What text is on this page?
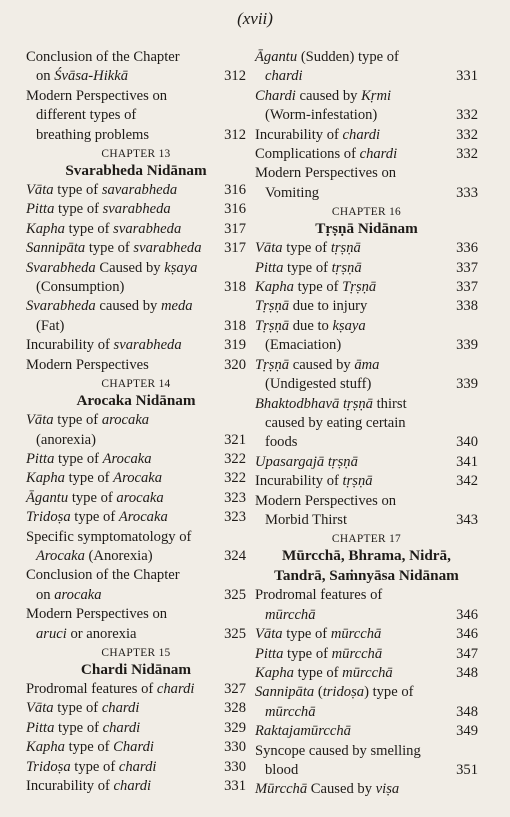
(xvii)
Conclusion of the Chapter
on Śvāsa-Hikkā	312
Modern Perspectives on
different types of
breathing problems	312
CHAPTER 13
Svarabheda Nidānam
Vāta type of savarabheda	316
Pitta type of svarabheda	316
Kapha type of svarabheda	317
Sannipāta type of svarabheda	317
Svarabheda Caused by kṣaya
(Consumption)	318
Svarabheda caused by meda
(Fat)	318
Incurability of svarabheda	319
Modern Perspectives	320
CHAPTER 14
Arocaka Nidānam
Vāta type of arocaka
(anorexia)	321
Pitta type of Arocaka	322
Kapha type of Arocaka	322
Āgantu type of arocaka	323
Tridoṣa type of Arocaka	323
Specific symptomatology of
Arocaka (Anorexia)	324
Conclusion of the Chapter
on arocaka	325
Modern Perspectives on
aruci or anorexia	325
CHAPTER 15
Chardi Nidānam
Prodromal features of chardi	327
Vāta type of chardi	328
Pitta type of chardi	329
Kapha type of Chardi	330
Tridoṣa type of chardi	330
Incurability of chardi	331
Āgantu (Sudden) type of
chardi	331
Chardi caused by Kṛmi
(Worm-infestation)	332
Incurability of chardi	332
Complications of chardi	332
Modern Perspectives on
Vomiting	333
CHAPTER 16
Tṛṣṇā Nidānam
Vāta type of tṛṣṇā	336
Pitta type of tṛṣṇā	337
Kapha type of Tṛṣṇā	337
Tṛṣṇā due to injury	338
Tṛṣṇā due to kṣaya
(Emaciation)	339
Tṛṣṇā caused by āma
(Undigested stuff)	339
Bhaktodbhavā tṛṣṇā thirst
caused by eating certain
foods	340
Upasargajā tṛṣṇā	341
Incurability of tṛṣṇā	342
Modern Perspectives on
Morbid Thirst	343
CHAPTER 17
Mūrcchā, Bhrama, Nidrā,
Tandrā, Saṁnyāsa Nidānam
Prodromal features of
mūrcchā	346
Vāta type of mūrcchā	346
Pitta type of mūrcchā	347
Kapha type of mūrcchā	348
Sannipāta (tridoṣa) type of
mūrcchā	348
Raktajamūrcchā	349
Syncope caused by smelling
blood	351
Mūrcchā Caused by viṣa
